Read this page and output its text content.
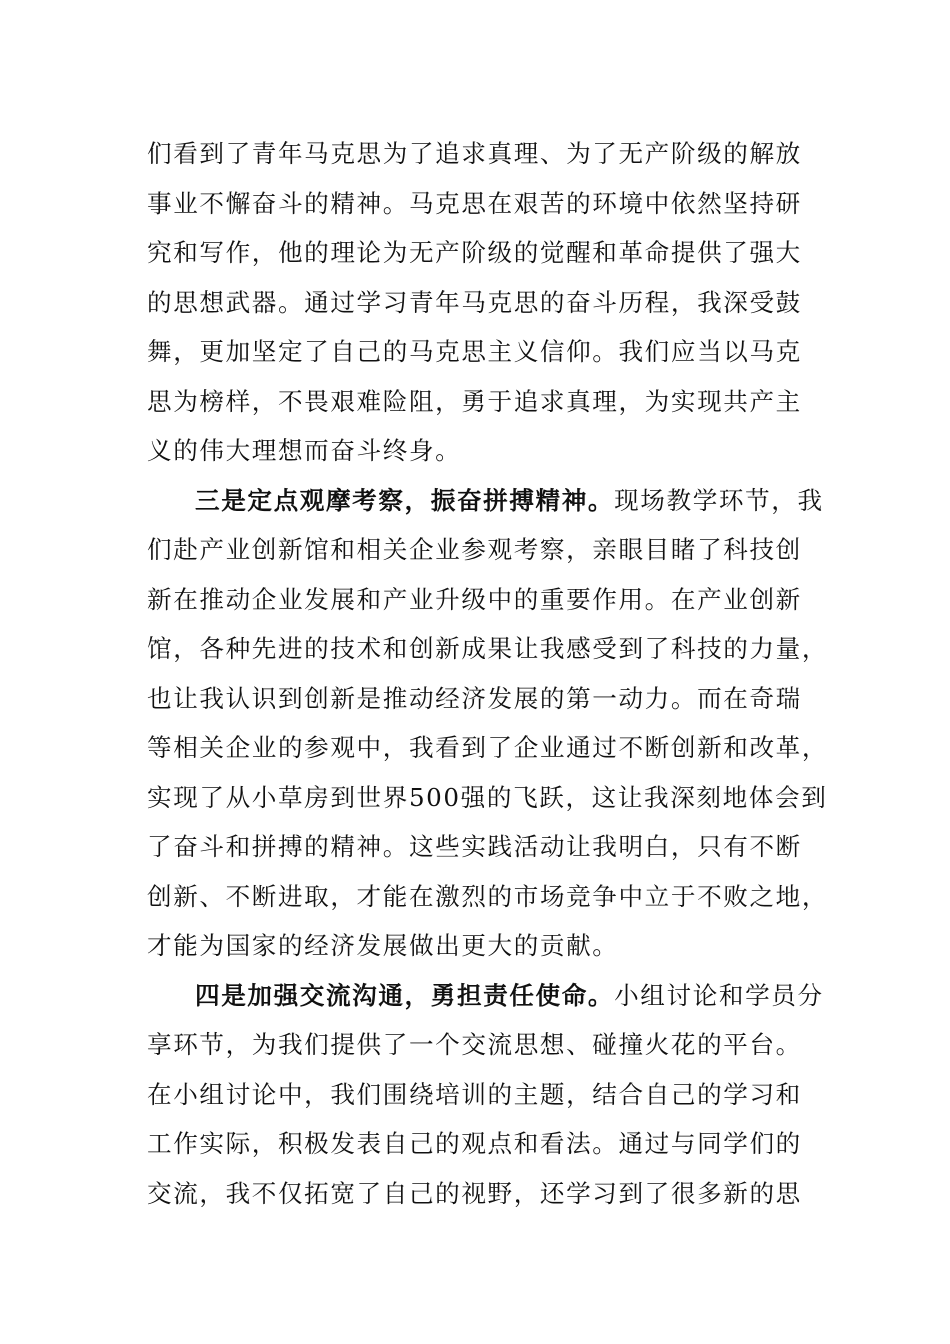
们看到了青年马克思为了追求真理、为了无产阶级的解放
事业不懈奋斗的精神。马克思在艰苦的环境中依然坚持研
究和写作，他的理论为无产阶级的觉醒和革命提供了强大
的思想武器。通过学习青年马克思的奋斗历程，我深受鼓
舞，更加坚定了自己的马克思主义信仰。我们应当以马克
思为榜样，不畏艰难险阻，勇于追求真理，为实现共产主
义的伟大理想而奋斗终身。
三是定点观摩考察，振奋拼搏精神。现场教学环节，我
们赴产业创新馆和相关企业参观考察，亲眼目睹了科技创
新在推动企业发展和产业升级中的重要作用。在产业创新
馆，各种先进的技术和创新成果让我感受到了科技的力量，
也让我认识到创新是推动经济发展的第一动力。而在奇瑞
等相关企业的参观中，我看到了企业通过不断创新和改革，
实现了从小草房到世界500强的飞跃，这让我深刻地体会到
了奋斗和拼搏的精神。这些实践活动让我明白，只有不断
创新、不断进取，才能在激烈的市场竞争中立于不败之地，
才能为国家的经济发展做出更大的贡献。
四是加强交流沟通，勇担责任使命。小组讨论和学员分
享环节，为我们提供了一个交流思想、碰撞火花的平台。
在小组讨论中，我们围绕培训的主题，结合自己的学习和
工作实际，积极发表自己的观点和看法。通过与同学们的
交流，我不仅拓宽了自己的视野，还学习到了很多新的思
